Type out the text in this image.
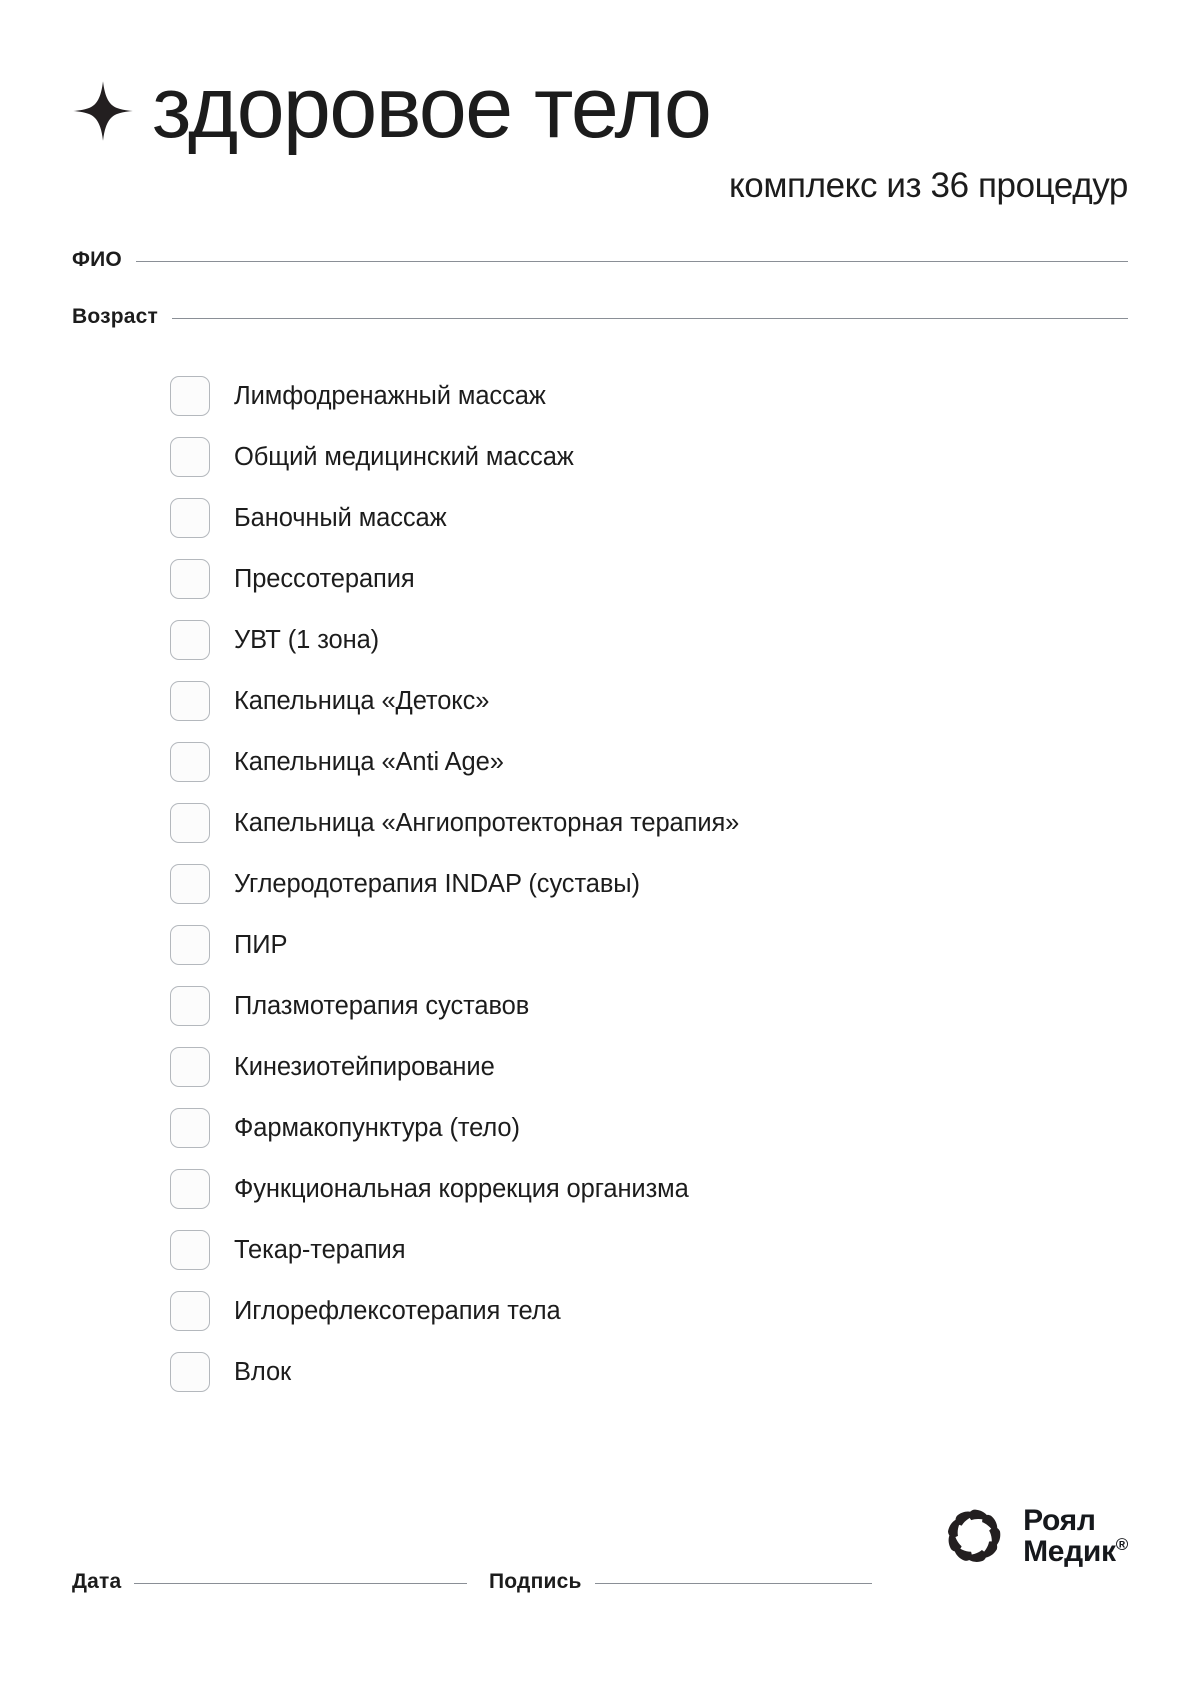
здоровое тело
комплекс из 36 процедур
ФИО
Возраст
Лимфодренажный массаж
Общий медицинский массаж
Баночный массаж
Прессотерапия
УВТ (1 зона)
Капельница «Детокс»
Капельница «Anti Age»
Капельница «Ангиопротекторная терапия»
Углеродотерапия INDAP (суставы)
ПИР
Плазмотерапия суставов
Кинезиотейпирование
Фармакопунктура (тело)
Функциональная коррекция организма
Текар-терапия
Иглорефлексотерапия тела
Влок
Роял
Медик®
Дата	Подпись
